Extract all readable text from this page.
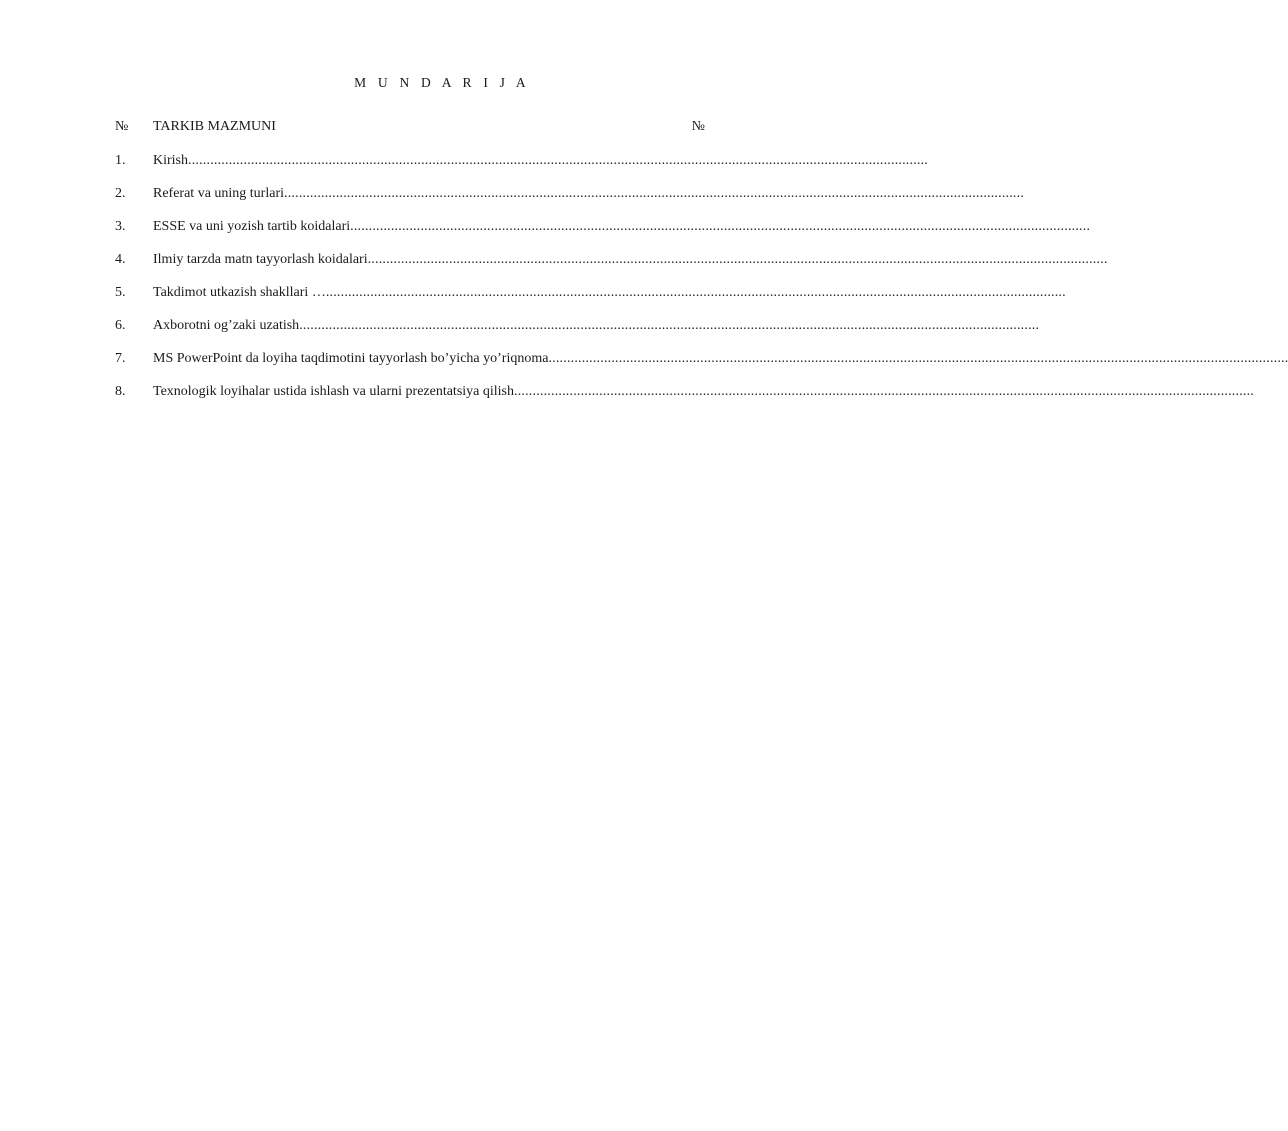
M U N D A R I J A
№ TARKIB MAZMUNI	№
1.	Kirish ........................................................................................................................................................................................................
2.	Referat va uning turlari ........................................................................................................................................................................................................
3.	ESSE va uni yozish tartib koidalari ........................................................................................................................................................................................................
4.	Ilmiy tarzda matn tayyorlash koidalari ........................................................................................................................................................................................................
5.	Takdimot utkazish shakllari … ........................................................................................................................................................................................................
6.	Axborotni og’zaki uzatish ........................................................................................................................................................................................................
7.	MS PowerPoint da loyiha taqdimotini tayyorlash bo’yicha yo’riqnoma ........................................................................................................................................................................................................
8.	Texnologik loyihalar ustida ishlash va ularni prezentatsiya qilish ........................................................................................................................................................................................................
